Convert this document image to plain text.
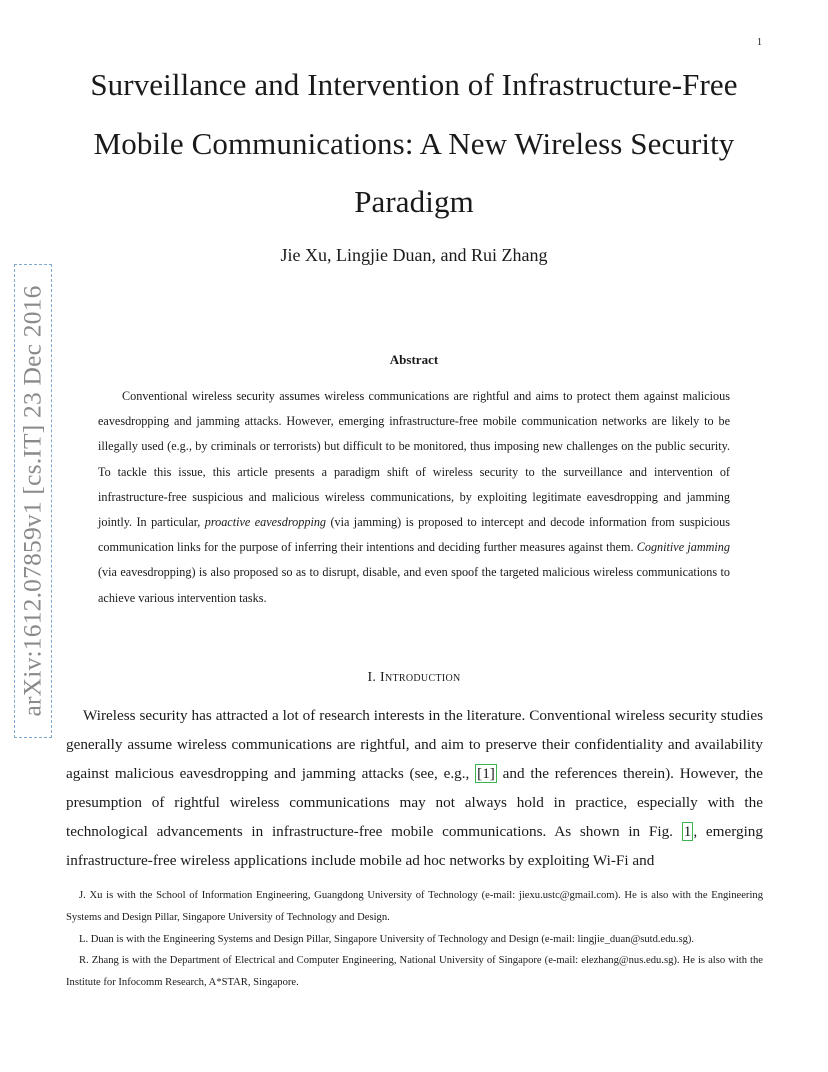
1
Surveillance and Intervention of Infrastructure-Free Mobile Communications: A New Wireless Security Paradigm
Jie Xu, Lingjie Duan, and Rui Zhang
arXiv:1612.07859v1 [cs.IT] 23 Dec 2016	Abstract

Conventional wireless security assumes wireless communications are rightful and aims to protect them against malicious eavesdropping and jamming attacks. However, emerging infrastructure-free mobile communication networks are likely to be illegally used (e.g., by criminals or terrorists) but difficult to be monitored, thus imposing new challenges on the public security. To tackle this issue, this article presents a paradigm shift of wireless security to the surveillance and intervention of infrastructure-free suspicious and malicious wireless communications, by exploiting legitimate eavesdropping and jamming jointly. In particular, proactive eavesdropping (via jamming) is proposed to intercept and decode information from suspicious communication links for the purpose of inferring their intentions and deciding further measures against them. Cognitive jamming (via eavesdropping) is also proposed so as to disrupt, disable, and even spoof the targeted malicious wireless communications to achieve various intervention tasks.

I. Introduction

Wireless security has attracted a lot of research interests in the literature. Conventional wireless security studies generally assume wireless communications are rightful, and aim to preserve their confidentiality and availability against malicious eavesdropping and jamming attacks (see, e.g., [1] and the references therein). However, the presumption of rightful wireless communications may not always hold in practice, especially with the technological advancements in infrastructure-free mobile communications. As shown in Fig. 1 , emerging infrastructure-free wireless applications include mobile ad hoc networks by exploiting Wi-Fi and

J. Xu is with the School of Information Engineering, Guangdong University of Technology (e-mail: jiexu.ustc@gmail.com). He is also with the Engineering Systems and Design Pillar, Singapore University of Technology and Design.

L. Duan is with the Engineering Systems and Design Pillar, Singapore University of Technology and Design (e-mail: lingjie_duan@sutd.edu.sg).

R. Zhang is with the Department of Electrical and Computer Engineering, National University of Singapore (e-mail: elezhang@nus.edu.sg). He is also with the Institute for Infocomm Research, A*STAR, Singapore.
